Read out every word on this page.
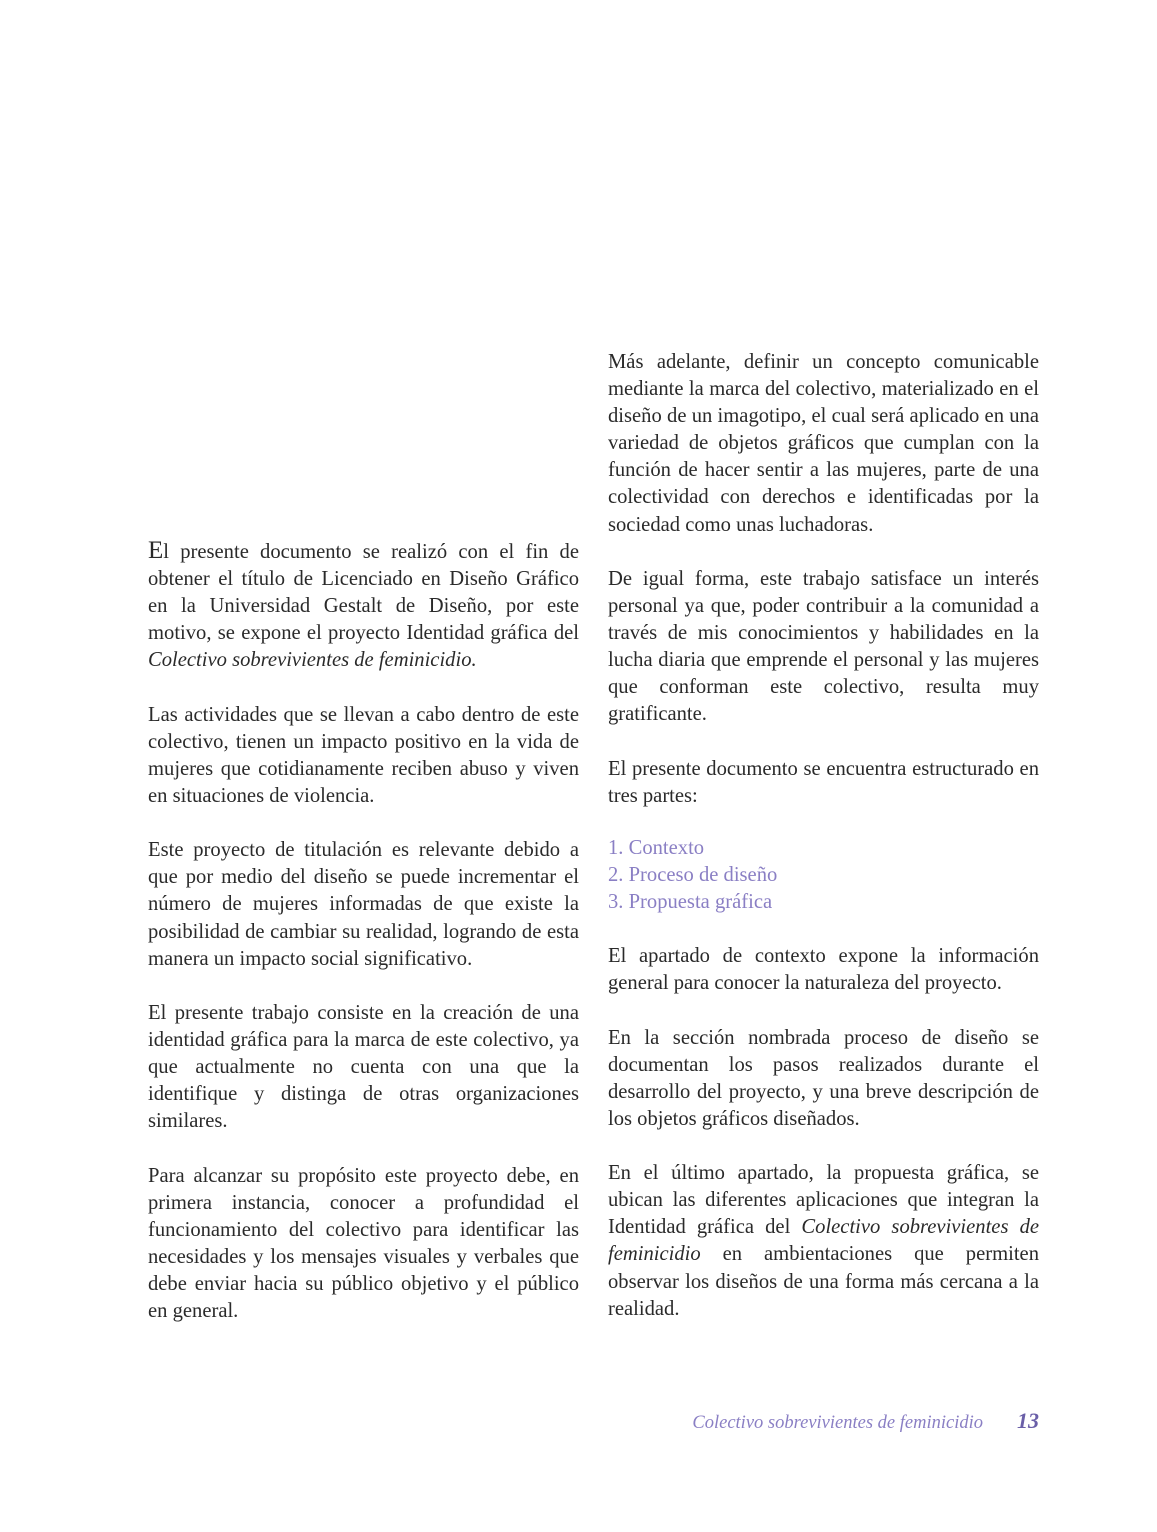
El presente documento se realizó con el fin de obtener el título de Licenciado en Diseño Gráfico en la Universidad Gestalt de Diseño, por este motivo, se expone el proyecto Identidad gráfica del Colectivo sobrevivientes de feminicidio.

Las actividades que se llevan a cabo dentro de este colectivo, tienen un impacto positivo en la vida de mujeres que cotidianamente reciben abuso y viven en situaciones de violencia.

Este proyecto de titulación es relevante debido a que por medio del diseño se puede incrementar el número de mujeres informadas de que existe la posibilidad de cambiar su realidad, logrando de esta manera un impacto social significativo.

El presente trabajo consiste en la creación de una identidad gráfica para la marca de este colectivo, ya que actualmente no cuenta con una que la identifique y distinga de otras organizaciones similares.

Para alcanzar su propósito este proyecto debe, en primera instancia, conocer a profundidad el funcionamiento del colectivo para identificar las necesidades y los mensajes visuales y verbales que debe enviar hacia su público objetivo y el público en general.

Más adelante, definir un concepto comunicable mediante la marca del colectivo, materializado en el diseño de un imagotipo, el cual será aplicado en una variedad de objetos gráficos que cumplan con la función de hacer sentir a las mujeres, parte de una colectividad con derechos e identificadas por la sociedad como unas luchadoras.

De igual forma, este trabajo satisface un interés personal ya que, poder contribuir a la comunidad a través de mis conocimientos y habilidades en la lucha diaria que emprende el personal y las mujeres que conforman este colectivo, resulta muy gratificante.

El presente documento se encuentra estructurado en tres partes:

1. Contexto
2. Proceso de diseño
3. Propuesta gráfica

El apartado de contexto expone la información general para conocer la naturaleza del proyecto.

En la sección nombrada proceso de diseño se documentan los pasos realizados durante el desarrollo del proyecto, y una breve descripción de los objetos gráficos diseñados.

En el último apartado, la propuesta gráfica, se ubican las diferentes aplicaciones que integran la Identidad gráfica del Colectivo sobrevivientes de feminicidio en ambientaciones que permiten observar los diseños de una forma más cercana a la realidad.

Colectivo sobrevivientes de feminicidio 13
